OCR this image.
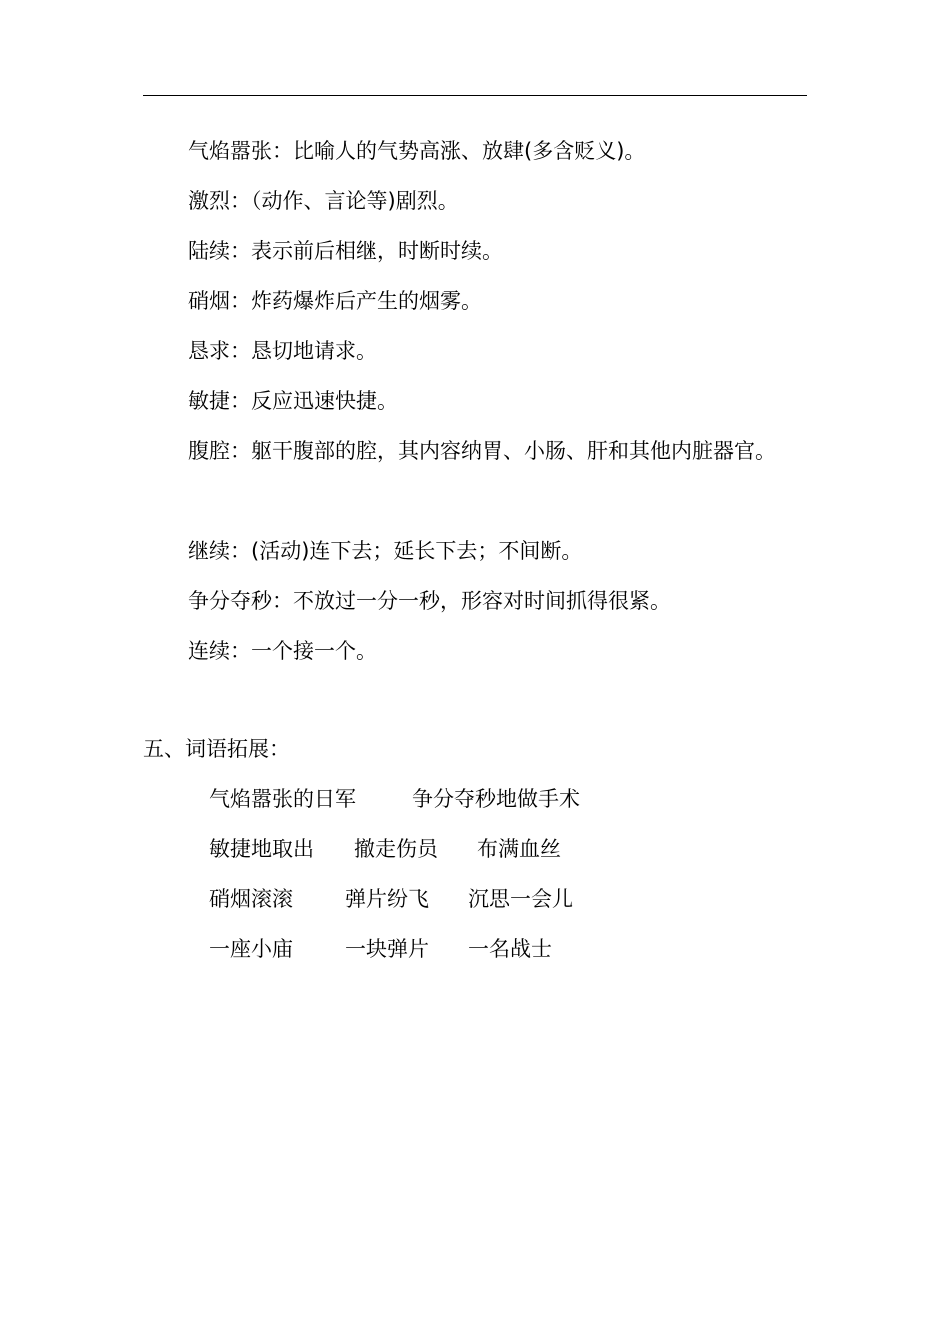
气焰嚣张：比喻人的气势高涨、放肆(多含贬义)。
激烈：（动作、言论等)剧烈。
陆续：表示前后相继，时断时续。
硝烟：炸药爆炸后产生的烟雾。
恳求：恳切地请求。
敏捷：反应迅速快捷。
腹腔：躯干腹部的腔，其内容纳胃、小肠、肝和其他内脏器官。
继续：(活动)连下去；延长下去；不间断。
争分夺秒：不放过一分一秒，形容对时间抓得很紧。
连续：一个接一个。
五、词语拓展：
气焰嚣张的日军	争分夺秒地做手术
敏捷地取出 撤走伤员 布满血丝
硝烟滚滚 弹片纷飞 沉思一会儿
一座小庙 一块弹片 一名战士
